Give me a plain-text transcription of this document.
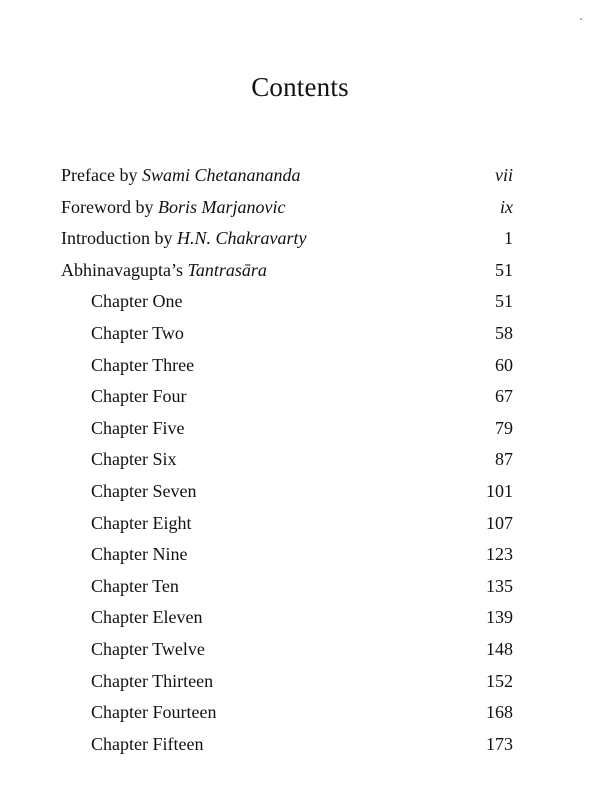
Contents
Preface by Swami Chetanananda	vii
Foreword by Boris Marjanovic	ix
Introduction by H.N. Chakravarty	1
Abhinavagupta’s Tantrasāra	51
Chapter One	51
Chapter Two	58
Chapter Three	60
Chapter Four	67
Chapter Five	79
Chapter Six	87
Chapter Seven	101
Chapter Eight	107
Chapter Nine	123
Chapter Ten	135
Chapter Eleven	139
Chapter Twelve	148
Chapter Thirteen	152
Chapter Fourteen	168
Chapter Fifteen	173
